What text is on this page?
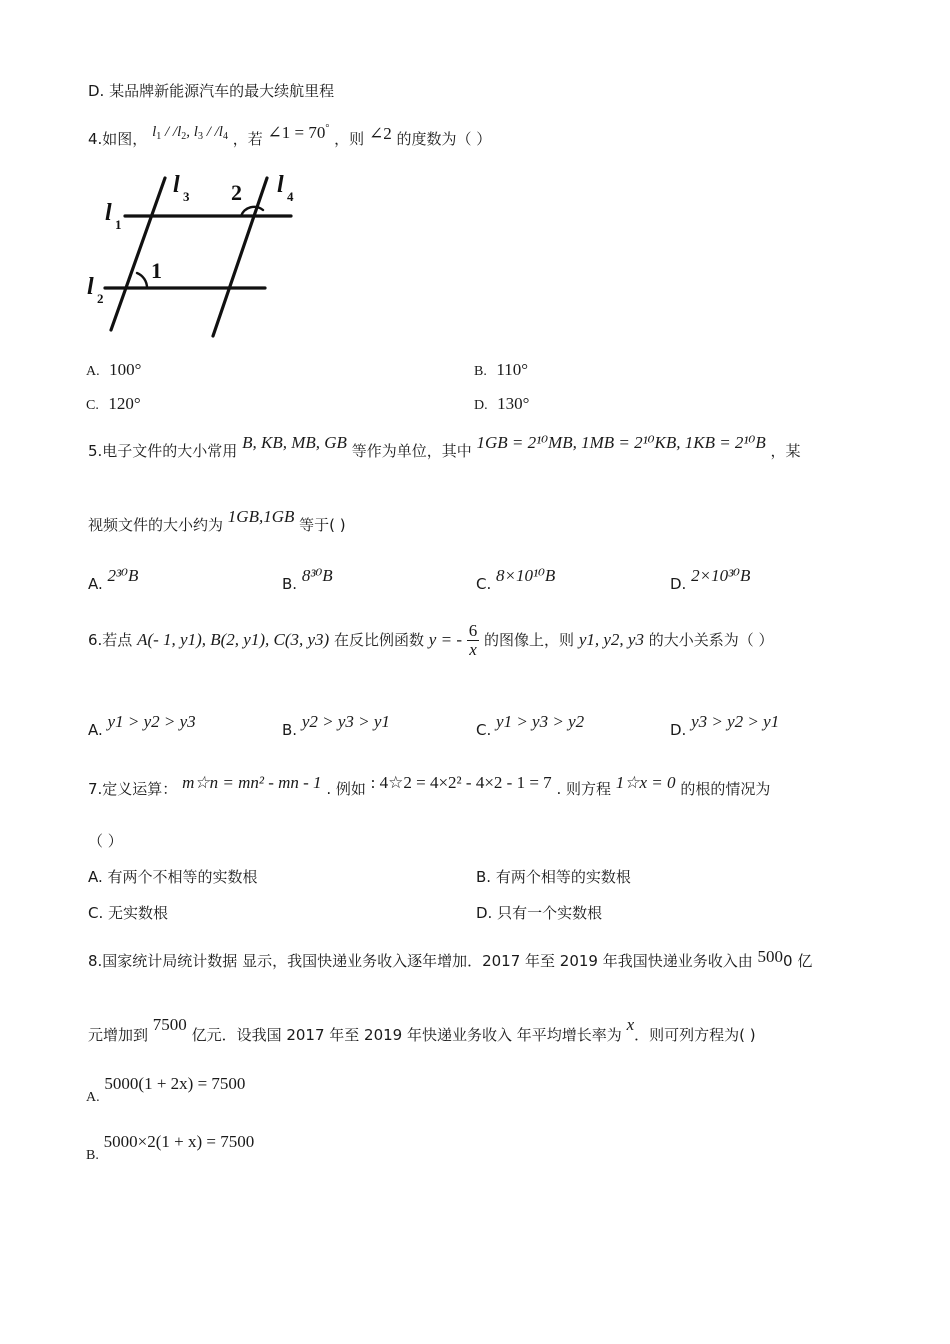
D. 某品牌新能源汽车的最大续航里程
4.如图， $l_1 / /l_2$, $l_3 / /l_4$ ，若 ∠1 = 70° ，则 ∠2 的度数为（ ）
l 1
l 2
l 3	l 4
1
2
A. 100°	B. 110°
C. 120°	D. 130°
5.电子文件的大小常用 B, KB, MB, GB 等作为单位，其中 1GB = 2¹⁰MB, 1MB = 2¹⁰KB, 1KB = 2¹⁰B ，某
视频文件的大小约为 1GB,1GB 等于( )
A. 2³⁰B	B. 8³⁰B	C. 8×10¹⁰B	D. 2×10³⁰B
6.若点 A(- 1, y1), B(2, y1), C(3, y3) 在反比例函数 y = - $\frac{6}{x}$ 的图像上，则 y1, y2, y3 的大小关系为（ ）
A. y1 > y2 > y3	B. y2 > y3 > y1	C. y1 > y3 > y2	D. y3 > y2 > y1
7.定义运算： m☆n = mn² - mn - 1 . 例如 : 4☆2 = 4×2² - 4×2 - 1 = 7 . 则方程 1☆x = 0 的根的情况为
（ ）
A. 有两个不相等的实数根	B. 有两个相等的实数根
C. 无实数根	D. 只有一个实数根
8.国家统计局统计数据 显示，我国快递业务收入逐年增加．2017 年至 2019 年我国快递业务收入由 5000 亿
元增加到 7500 亿元．设我国 2017 年至 2019 年快递业务收入 年平均增长率为 x．则可列方程为( )
A. 5000(1 + 2x) = 7500
B. 5000×2(1 + x) = 7500
